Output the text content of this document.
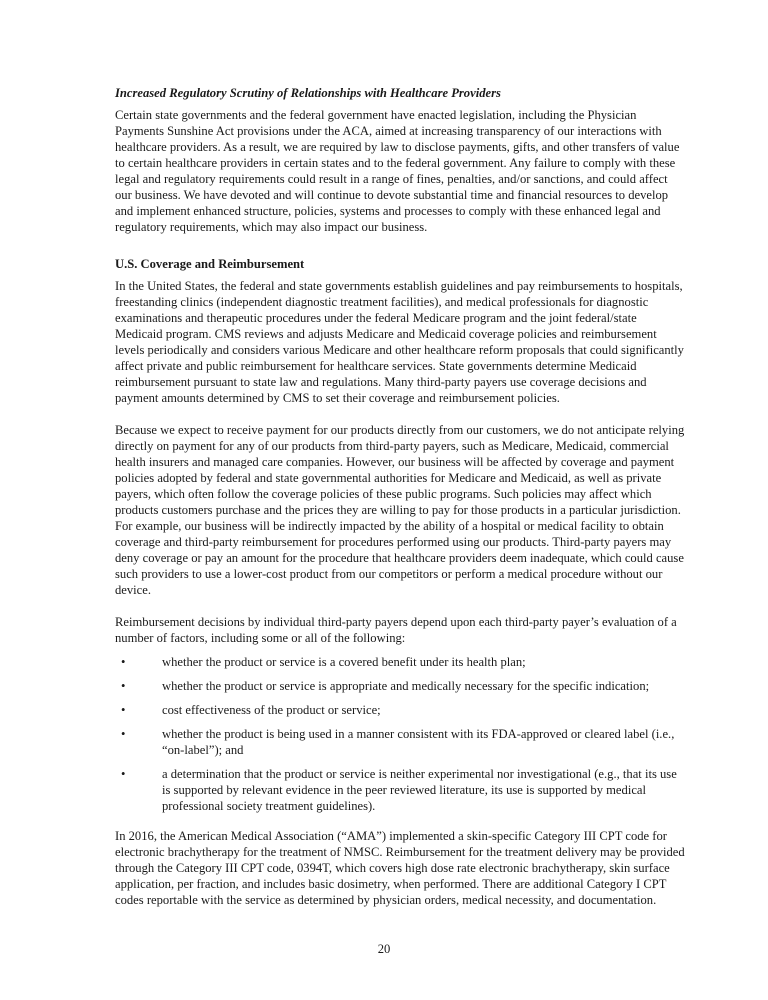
Increased Regulatory Scrutiny of Relationships with Healthcare Providers

Certain state governments and the federal government have enacted legislation, including the Physician Payments Sunshine Act provisions under the ACA, aimed at increasing transparency of our interactions with healthcare providers. As a result, we are required by law to disclose payments, gifts, and other transfers of value to certain healthcare providers in certain states and to the federal government. Any failure to comply with these legal and regulatory requirements could result in a range of fines, penalties, and/or sanctions, and could affect our business. We have devoted and will continue to devote substantial time and financial resources to develop and implement enhanced structure, policies, systems and processes to comply with these enhanced legal and regulatory requirements, which may also impact our business.

U.S. Coverage and Reimbursement

In the United States, the federal and state governments establish guidelines and pay reimbursements to hospitals, freestanding clinics (independent diagnostic treatment facilities), and medical professionals for diagnostic examinations and therapeutic procedures under the federal Medicare program and the joint federal/state Medicaid program. CMS reviews and adjusts Medicare and Medicaid coverage policies and reimbursement levels periodically and considers various Medicare and other healthcare reform proposals that could significantly affect private and public reimbursement for healthcare services. State governments determine Medicaid reimbursement pursuant to state law and regulations. Many third-party payers use coverage decisions and payment amounts determined by CMS to set their coverage and reimbursement policies.

Because we expect to receive payment for our products directly from our customers, we do not anticipate relying directly on payment for any of our products from third-party payers, such as Medicare, Medicaid, commercial health insurers and managed care companies. However, our business will be affected by coverage and payment policies adopted by federal and state governmental authorities for Medicare and Medicaid, as well as private payers, which often follow the coverage policies of these public programs. Such policies may affect which products customers purchase and the prices they are willing to pay for those products in a particular jurisdiction. For example, our business will be indirectly impacted by the ability of a hospital or medical facility to obtain coverage and third-party reimbursement for procedures performed using our products. Third-party payers may deny coverage or pay an amount for the procedure that healthcare providers deem inadequate, which could cause such providers to use a lower-cost product from our competitors or perform a medical procedure without our device.

Reimbursement decisions by individual third-party payers depend upon each third-party payer’s evaluation of a number of factors, including some or all of the following:

•	whether the product or service is a covered benefit under its health plan;
•	whether the product or service is appropriate and medically necessary for the specific indication;
•	cost effectiveness of the product or service;
•	whether the product is being used in a manner consistent with its FDA-approved or cleared label (i.e., “on-label”); and
•	a determination that the product or service is neither experimental nor investigational (e.g., that its use is supported by relevant evidence in the peer reviewed literature, its use is supported by medical professional society treatment guidelines).

In 2016, the American Medical Association (“AMA”) implemented a skin-specific Category III CPT code for electronic brachytherapy for the treatment of NMSC. Reimbursement for the treatment delivery may be provided through the Category III CPT code, 0394T, which covers high dose rate electronic brachytherapy, skin surface application, per fraction, and includes basic dosimetry, when performed. There are additional Category I CPT codes reportable with the service as determined by physician orders, medical necessity, and documentation.

20
